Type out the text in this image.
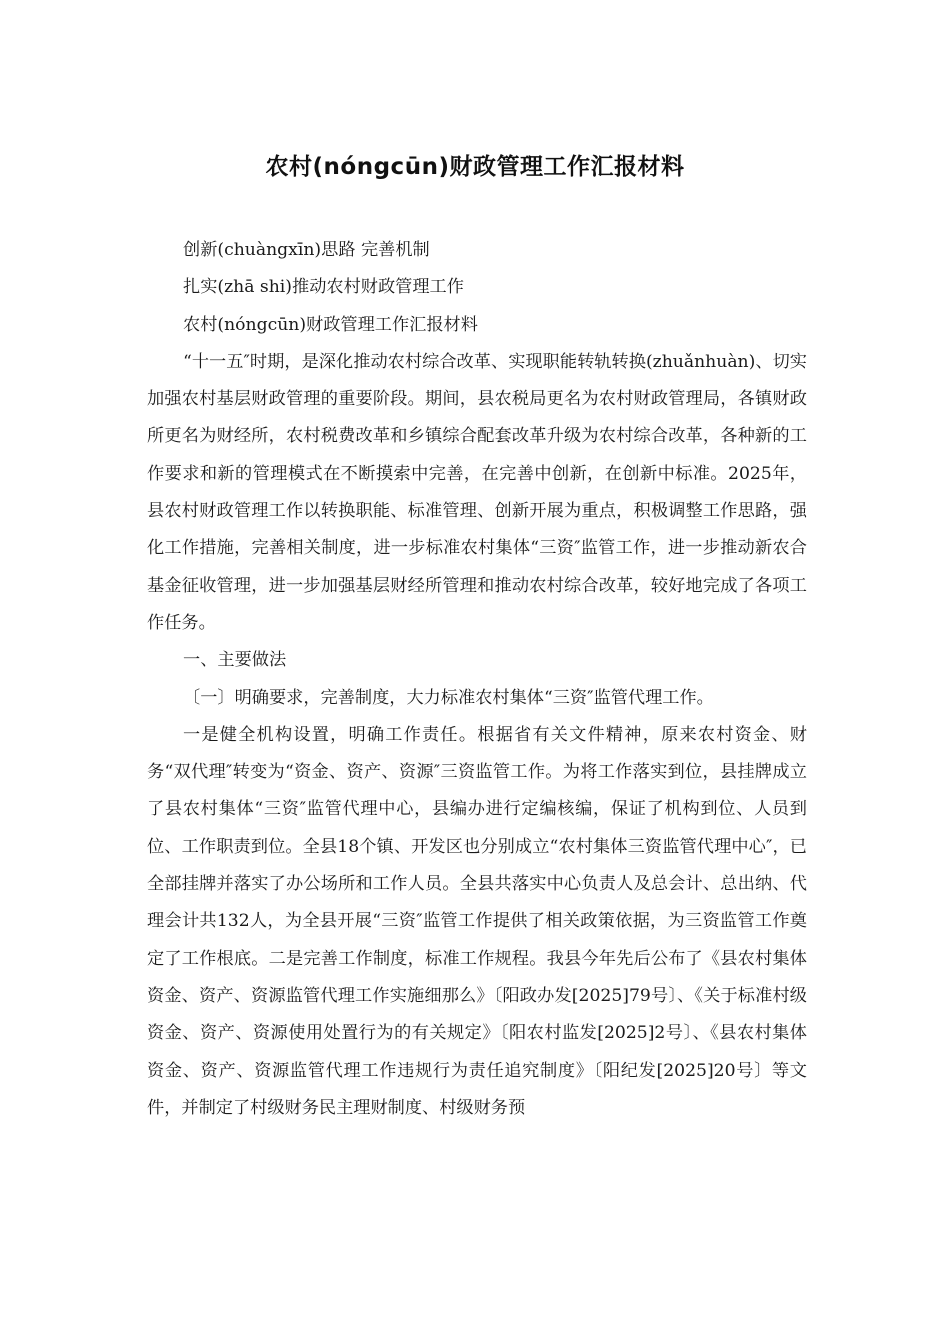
农村(nóngcūn)财政管理工作汇报材料

创新(chuàngxīn)思路 完善机制

扎实(zhā shi)推动农村财政管理工作

农村(nóngcūn)财政管理工作汇报材料

“十一五″时期，是深化推动农村综合改革、实现职能转轨转换(zhuǎnhuàn)、切实加强农村基层财政管理的重要阶段。期间，县农税局更名为农村财政管理局，各镇财政所更名为财经所，农村税费改革和乡镇综合配套改革升级为农村综合改革，各种新的工作要求和新的管理模式在不断摸索中完善，在完善中创新，在创新中标准。2025年，县农村财政管理工作以转换职能、标准管理、创新开展为重点，积极调整工作思路，强化工作措施，完善相关制度，进一步标准农村集体“三资″监管工作，进一步推动新农合基金征收管理，进一步加强基层财经所管理和推动农村综合改革，较好地完成了各项工作任务。

一、主要做法

〔一〕明确要求，完善制度，大力标准农村集体“三资″监管代理工作。

一是健全机构设置，明确工作责任。根据省有关文件精神，原来农村资金、财务“双代理″转变为“资金、资产、资源″三资监管工作。为将工作落实到位，县挂牌成立了县农村集体“三资″监管代理中心，县编办进行定编核编，保证了机构到位、人员到位、工作职责到位。全县18个镇、开发区也分别成立“农村集体三资监管代理中心″，已全部挂牌并落实了办公场所和工作人员。全县共落实中心负责人及总会计、总出纳、代理会计共132人，为全县开展“三资″监管工作提供了相关政策依据，为三资监管工作奠定了工作根底。二是完善工作制度，标准工作规程。我县今年先后公布了《县农村集体资金、资产、资源监管代理工作实施细那么》〔阳政办发[2025]79号〕、《关于标准村级资金、资产、资源使用处置行为的有关规定》〔阳农村监发[2025]2号〕、《县农村集体资金、资产、资源监管代理工作违规行为责任追究制度》〔阳纪发[2025]20号〕等文件，并制定了村级财务民主理财制度、村级财务预
